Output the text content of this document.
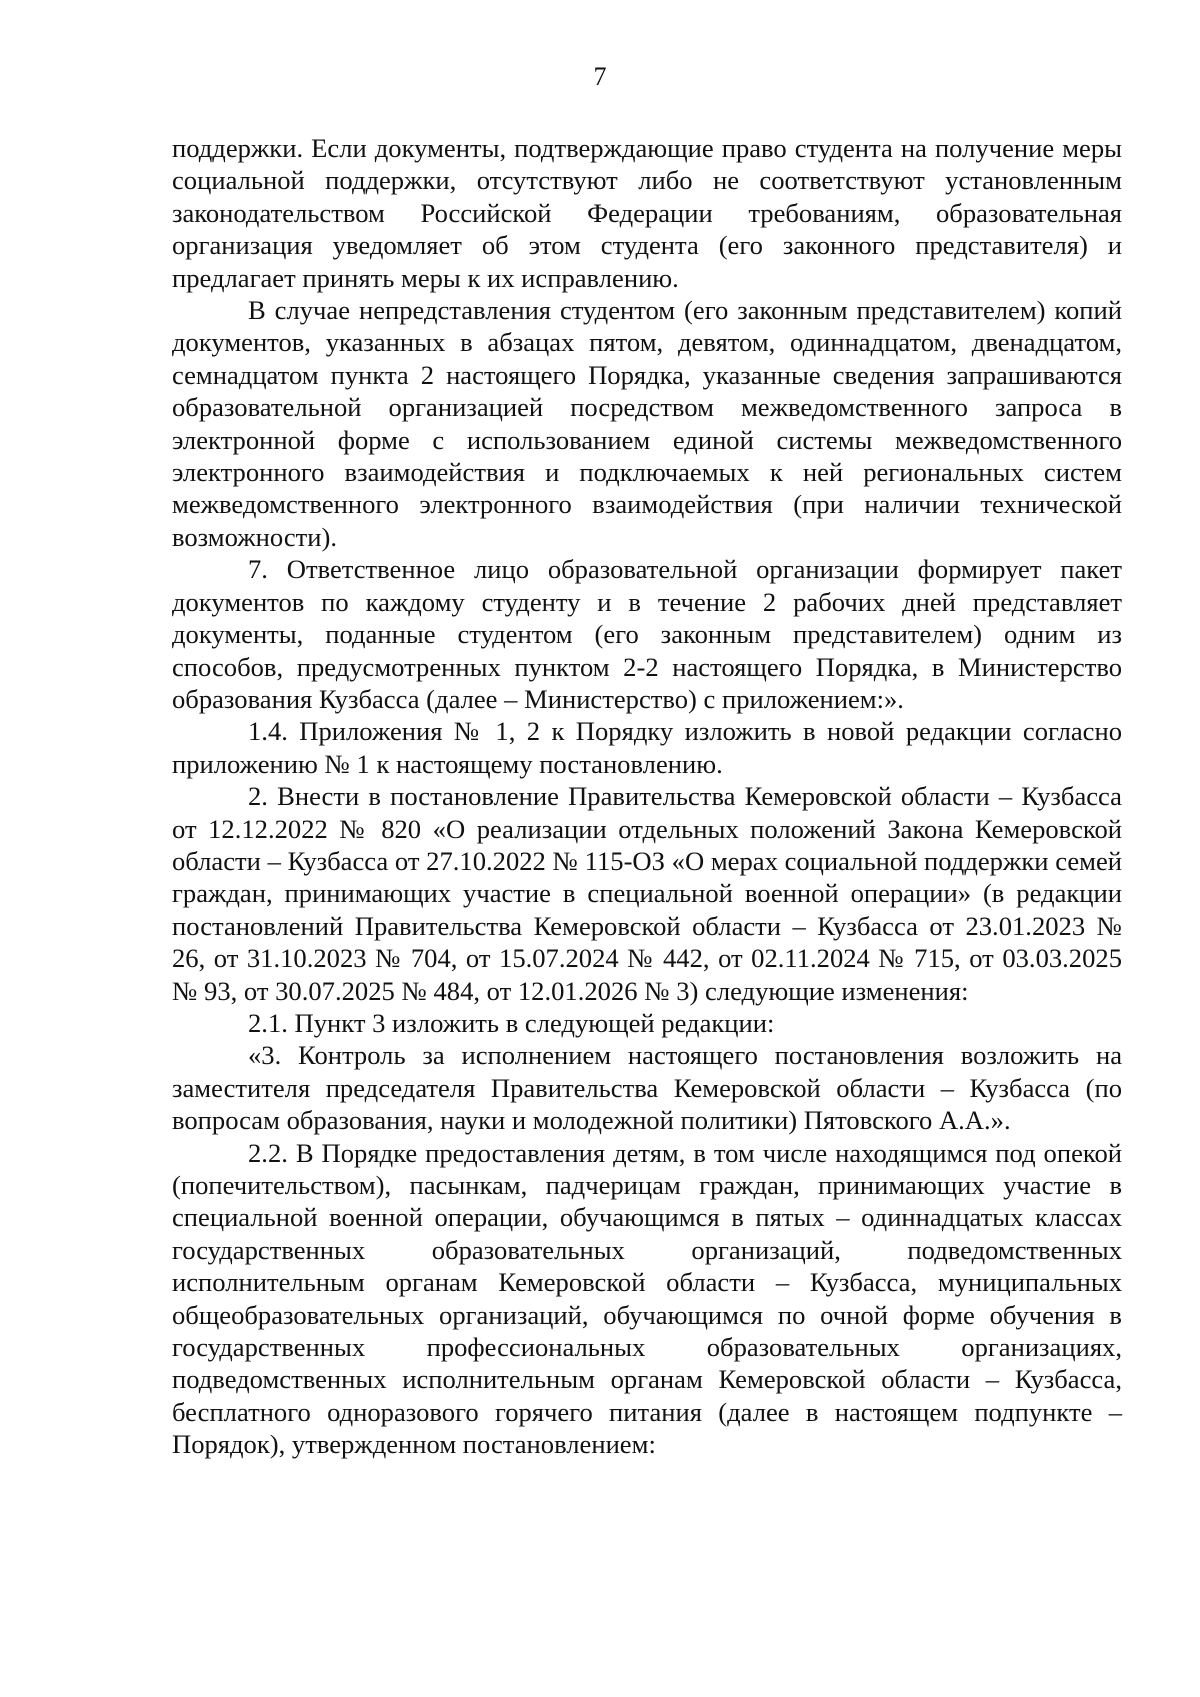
7

поддержки. Если документы, подтверждающие право студента на получение меры социальной поддержки, отсутствуют либо не соответствуют установленным законодательством Российской Федерации требованиям, образовательная организация уведомляет об этом студента (его законного представителя) и предлагает принять меры к их исправлению.

В случае непредставления студентом (его законным представителем) копий документов, указанных в абзацах пятом, девятом, одиннадцатом, двенадцатом, семнадцатом пункта 2 настоящего Порядка, указанные сведения запрашиваются образовательной организацией посредством межведомственного запроса в электронной форме с использованием единой системы межведомственного электронного взаимодействия и подключаемых к ней региональных систем межведомственного электронного взаимодействия (при наличии технической возможности).

7. Ответственное лицо образовательной организации формирует пакет документов по каждому студенту и в течение 2 рабочих дней представляет документы, поданные студентом (его законным представителем) одним из способов, предусмотренных пунктом 2-2 настоящего Порядка, в Министерство образования Кузбасса (далее – Министерство) с приложением:».

1.4. Приложения № 1, 2 к Порядку изложить в новой редакции согласно приложению № 1 к настоящему постановлению.

2. Внести в постановление Правительства Кемеровской области – Кузбасса от 12.12.2022 № 820 «О реализации отдельных положений Закона Кемеровской области – Кузбасса от 27.10.2022 № 115-ОЗ «О мерах социальной поддержки семей граждан, принимающих участие в специальной военной операции» (в редакции постановлений Правительства Кемеровской области – Кузбасса от 23.01.2023 № 26, от 31.10.2023 № 704, от 15.07.2024 № 442, от 02.11.2024 № 715, от 03.03.2025 № 93, от 30.07.2025 № 484, от 12.01.2026 № 3) следующие изменения:

2.1. Пункт 3 изложить в следующей редакции:

«3. Контроль за исполнением настоящего постановления возложить на заместителя председателя Правительства Кемеровской области – Кузбасса (по вопросам образования, науки и молодежной политики) Пятовского А.А.».

2.2. В Порядке предоставления детям, в том числе находящимся под опекой (попечительством), пасынкам, падчерицам граждан, принимающих участие в специальной военной операции, обучающимся в пятых – одиннадцатых классах государственных образовательных организаций, подведомственных исполнительным органам Кемеровской области – Кузбасса, муниципальных общеобразовательных организаций, обучающимся по очной форме обучения в государственных профессиональных образовательных организациях, подведомственных исполнительным органам Кемеровской области – Кузбасса, бесплатного одноразового горячего питания (далее в настоящем подпункте – Порядок), утвержденном постановлением:
